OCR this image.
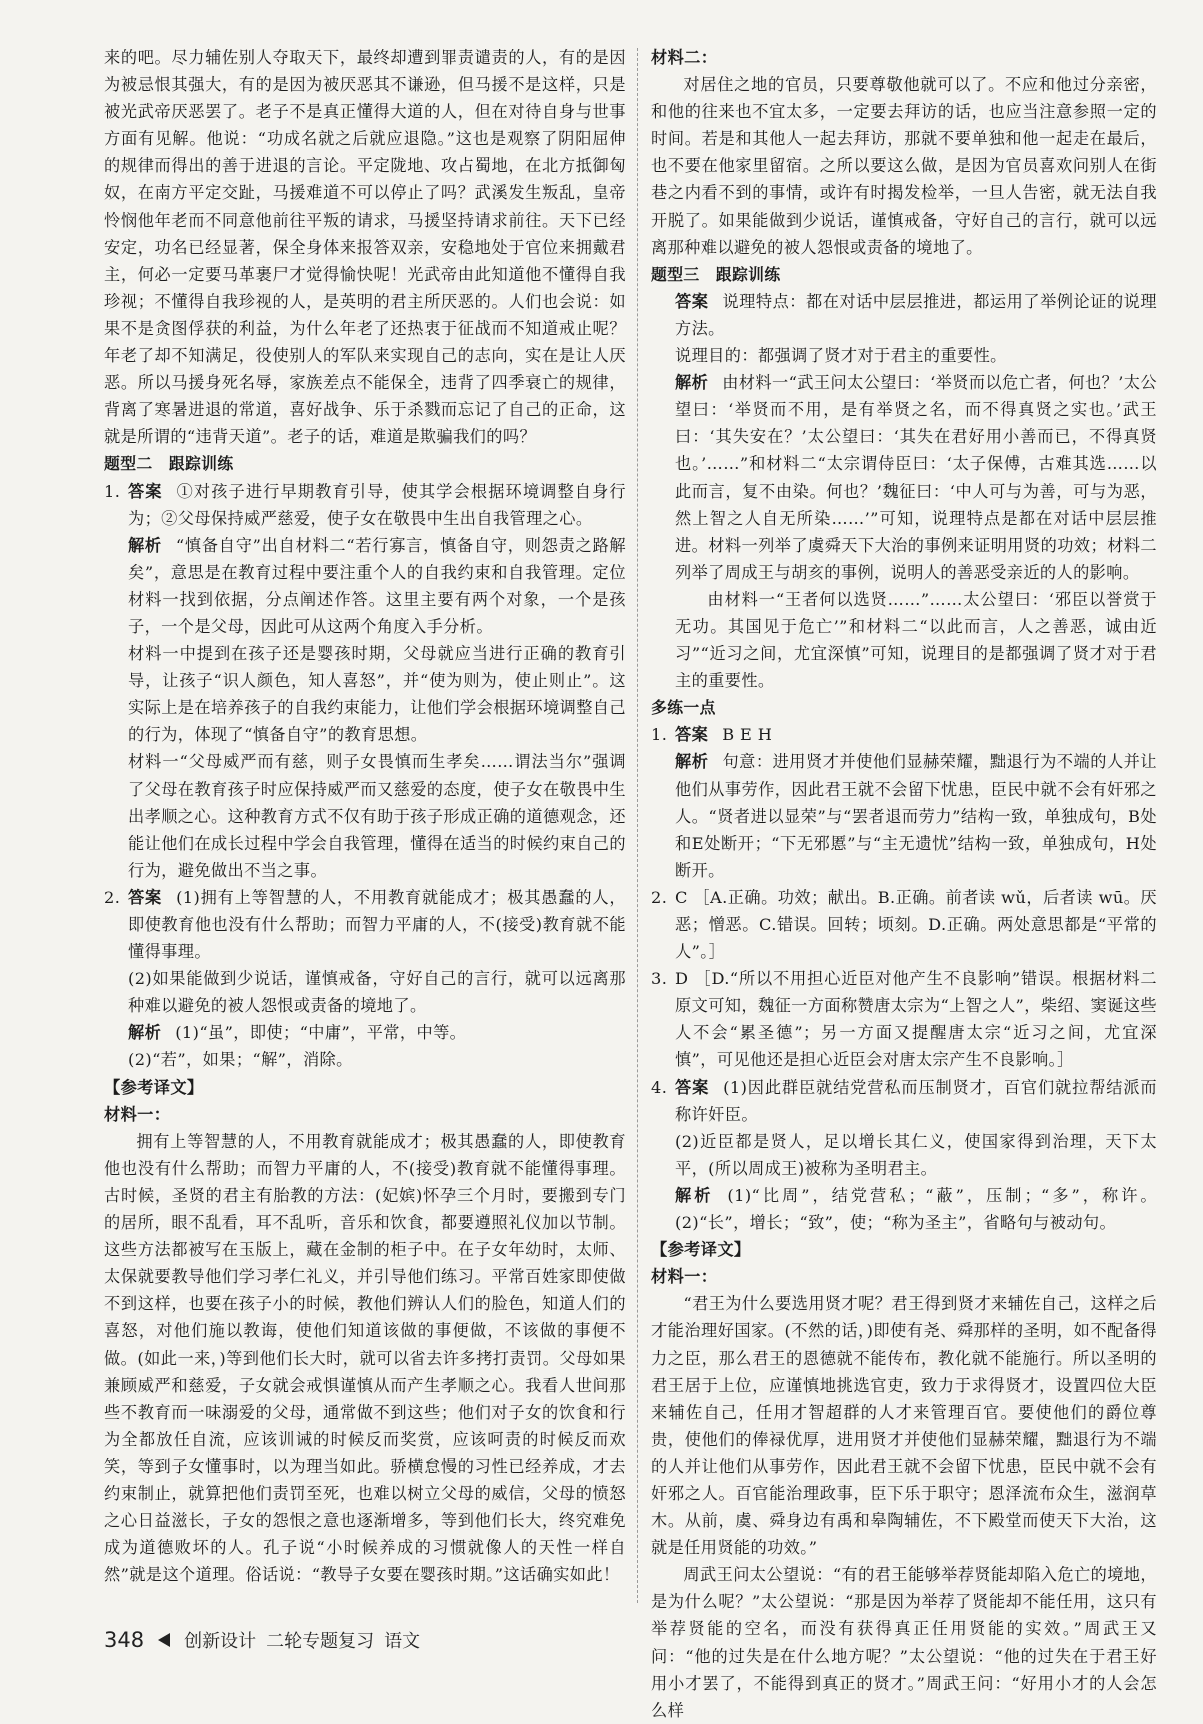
来的吧。尽力辅佐别人夺取天下，最终却遭到罪责谴责的人，有的是因为被忌恨其强大，有的是因为被厌恶其不谦逊，但马援不是这样，只是被光武帝厌恶罢了。老子不是真正懂得大道的人，但在对待自身与世事方面有见解。他说：“功成名就之后就应退隐。”这也是观察了阴阳屈伸的规律而得出的善于进退的言论。平定陇地、攻占蜀地，在北方抵御匈奴，在南方平定交趾，马援难道不可以停止了吗？武溪发生叛乱，皇帝怜悯他年老而不同意他前往平叛的请求，马援坚持请求前往。天下已经安定，功名已经显著，保全身体来报答双亲，安稳地处于官位来拥戴君主，何必一定要马革裹尸才觉得愉快呢！光武帝由此知道他不懂得自我珍视；不懂得自我珍视的人，是英明的君主所厌恶的。人们也会说：如果不是贪图俘获的利益，为什么年老了还热衷于征战而不知道戒止呢？年老了却不知满足，役使别人的军队来实现自己的志向，实在是让人厌恶。所以马援身死名辱，家族差点不能保全，违背了四季衰亡的规律，背离了寒暑进退的常道，喜好战争、乐于杀戮而忘记了自己的正命，这就是所谓的“违背天道”。老子的话，难道是欺骗我们的吗？

题型二　跟踪训练

1. 答案 ①对孩子进行早期教育引导，使其学会根据环境调整自身行为；②父母保持威严慈爱，使子女在敬畏中生出自我管理之心。

解析 “慎备自守”出自材料二“若行寡言，慎备自守，则怨责之路解矣”，意思是在教育过程中要注重个人的自我约束和自我管理。定位材料一找到依据，分点阐述作答。这里主要有两个对象，一个是孩子，一个是父母，因此可从这两个角度入手分析。

材料一中提到在孩子还是婴孩时期，父母就应当进行正确的教育引导，让孩子“识人颜色，知人喜怒”，并“使为则为，使止则止”。这实际上是在培养孩子的自我约束能力，让他们学会根据环境调整自己的行为，体现了“慎备自守”的教育思想。

材料一“父母威严而有慈，则子女畏慎而生孝矣……谓法当尔”强调了父母在教育孩子时应保持威严而又慈爱的态度，使子女在敬畏中生出孝顺之心。这种教育方式不仅有助于孩子形成正确的道德观念，还能让他们在成长过程中学会自我管理，懂得在适当的时候约束自己的行为，避免做出不当之事。

2. 答案 (1)拥有上等智慧的人，不用教育就能成才；极其愚蠢的人，即使教育他也没有什么帮助；而智力平庸的人，不(接受)教育就不能懂得事理。

(2)如果能做到少说话，谨慎戒备，守好自己的言行，就可以远离那种难以避免的被人怨恨或责备的境地了。

解析 (1)“虽”，即使；“中庸”，平常，中等。

(2)“若”，如果；“解”，消除。

【参考译文】

材料一：

拥有上等智慧的人，不用教育就能成才；极其愚蠢的人，即使教育他也没有什么帮助；而智力平庸的人，不(接受)教育就不能懂得事理。古时候，圣贤的君主有胎教的方法：(妃嫔)怀孕三个月时，要搬到专门的居所，眼不乱看，耳不乱听，音乐和饮食，都要遵照礼仪加以节制。这些方法都被写在玉版上，藏在金制的柜子中。在子女年幼时，太师、太保就要教导他们学习孝仁礼义，并引导他们练习。平常百姓家即使做不到这样，也要在孩子小的时候，教他们辨认人们的脸色，知道人们的喜怒，对他们施以教诲，使他们知道该做的事便做，不该做的事便不做。(如此一来，)等到他们长大时，就可以省去许多拷打责罚。父母如果兼顾威严和慈爱，子女就会戒惧谨慎从而产生孝顺之心。我看人世间那些不教育而一味溺爱的父母，通常做不到这些；他们对子女的饮食和行为全都放任自流，应该训诫的时候反而奖赏，应该呵责的时候反而欢笑，等到子女懂事时，以为理当如此。骄横怠慢的习性已经养成，才去约束制止，就算把他们责罚至死，也难以树立父母的威信，父母的愤怒之心日益滋长，子女的怨恨之意也逐渐增多，等到他们长大，终究难免成为道德败坏的人。孔子说“小时候养成的习惯就像人的天性一样自然”就是这个道理。俗话说：“教导子女要在婴孩时期。”这话确实如此！

材料二：

对居住之地的官员，只要尊敬他就可以了。不应和他过分亲密，和他的往来也不宜太多，一定要去拜访的话，也应当注意参照一定的时间。若是和其他人一起去拜访，那就不要单独和他一起走在最后，也不要在他家里留宿。之所以要这么做，是因为官员喜欢问别人在街巷之内看不到的事情，或许有时揭发检举，一旦人告密，就无法自我开脱了。如果能做到少说话，谨慎戒备，守好自己的言行，就可以远离那种难以避免的被人怨恨或责备的境地了。

题型三　跟踪训练

答案 说理特点：都在对话中层层推进，都运用了举例论证的说理方法。

说理目的：都强调了贤才对于君主的重要性。

解析 由材料一“武王问太公望曰：‘举贤而以危亡者，何也？’太公望曰：‘举贤而不用，是有举贤之名，而不得真贤之实也。’武王曰：‘其失安在？’太公望曰：‘其失在君好用小善而已，不得真贤也。’……”和材料二“太宗谓侍臣曰：‘太子保傅，古难其选……以此而言，复不由染。何也？’魏征曰：‘中人可与为善，可与为恶，然上智之人自无所染……’”可知，说理特点是都在对话中层层推进。材料一列举了虞舜天下大治的事例来证明用贤的功效；材料二列举了周成王与胡亥的事例，说明人的善恶受亲近的人的影响。

由材料一“王者何以选贤……”……太公望曰：‘邪臣以誉赏于无功。其国见于危亡’”和材料二“以此而言，人之善恶，诚由近习”“近习之间，尤宜深慎”可知，说理目的是都强调了贤才对于君主的重要性。

多练一点

1. 答案 B E H

解析 句意：进用贤才并使他们显赫荣耀，黜退行为不端的人并让他们从事劳作，因此君王就不会留下忧患，臣民中就不会有奸邪之人。“贤者进以显荣”与“罢者退而劳力”结构一致，单独成句，B处和E处断开；“下无邪慝”与“主无遗忧”结构一致，单独成句，H处断开。

2. C ［A.正确。功效；献出。B.正确。前者读 wǔ，后者读 wū。厌恶；憎恶。C.错误。回转；顷刻。D.正确。两处意思都是“平常的人”。］

3. D ［D.“所以不用担心近臣对他产生不良影响”错误。根据材料二原文可知，魏征一方面称赞唐太宗为“上智之人”，柴绍、窦诞这些人不会“累圣德”；另一方面又提醒唐太宗“近习之间，尤宜深慎”，可见他还是担心近臣会对唐太宗产生不良影响。］

4. 答案 (1)因此群臣就结党营私而压制贤才，百官们就拉帮结派而称许奸臣。

(2)近臣都是贤人，足以增长其仁义，使国家得到治理，天下太平，(所以周成王)被称为圣明君主。

解析 (1)“比周”，结党营私；“蔽”，压制；“多”，称许。(2)“长”，增长；“致”，使；“称为圣主”，省略句与被动句。

【参考译文】

材料一：

“君王为什么要选用贤才呢？君王得到贤才来辅佐自己，这样之后才能治理好国家。(不然的话，)即使有尧、舜那样的圣明，如不配备得力之臣，那么君王的恩德就不能传布，教化就不能施行。所以圣明的君王居于上位，应谨慎地挑选官吏，致力于求得贤才，设置四位大臣来辅佐自己，任用才智超群的人才来管理百官。要使他们的爵位尊贵，使他们的俸禄优厚，进用贤才并使他们显赫荣耀，黜退行为不端的人并让他们从事劳作，因此君王就不会留下忧患，臣民中就不会有奸邪之人。百官能治理政事，臣下乐于职守；恩泽流布众生，滋润草木。从前，虞、舜身边有禹和皋陶辅佐，不下殿堂而使天下大治，这就是任用贤能的功效。”

周武王问太公望说：“有的君王能够举荐贤能却陷入危亡的境地，是为什么呢？”太公望说：“那是因为举荐了贤能却不能任用，这只有举荐贤能的空名，而没有获得真正任用贤能的实效。”周武王又问：“他的过失是在什么地方呢？”太公望说：“他的过失在于君王好用小才罢了，不能得到真正的贤才。”周武王问：“好用小才的人会怎么样

348 创新设计 二轮专题复习 语文
